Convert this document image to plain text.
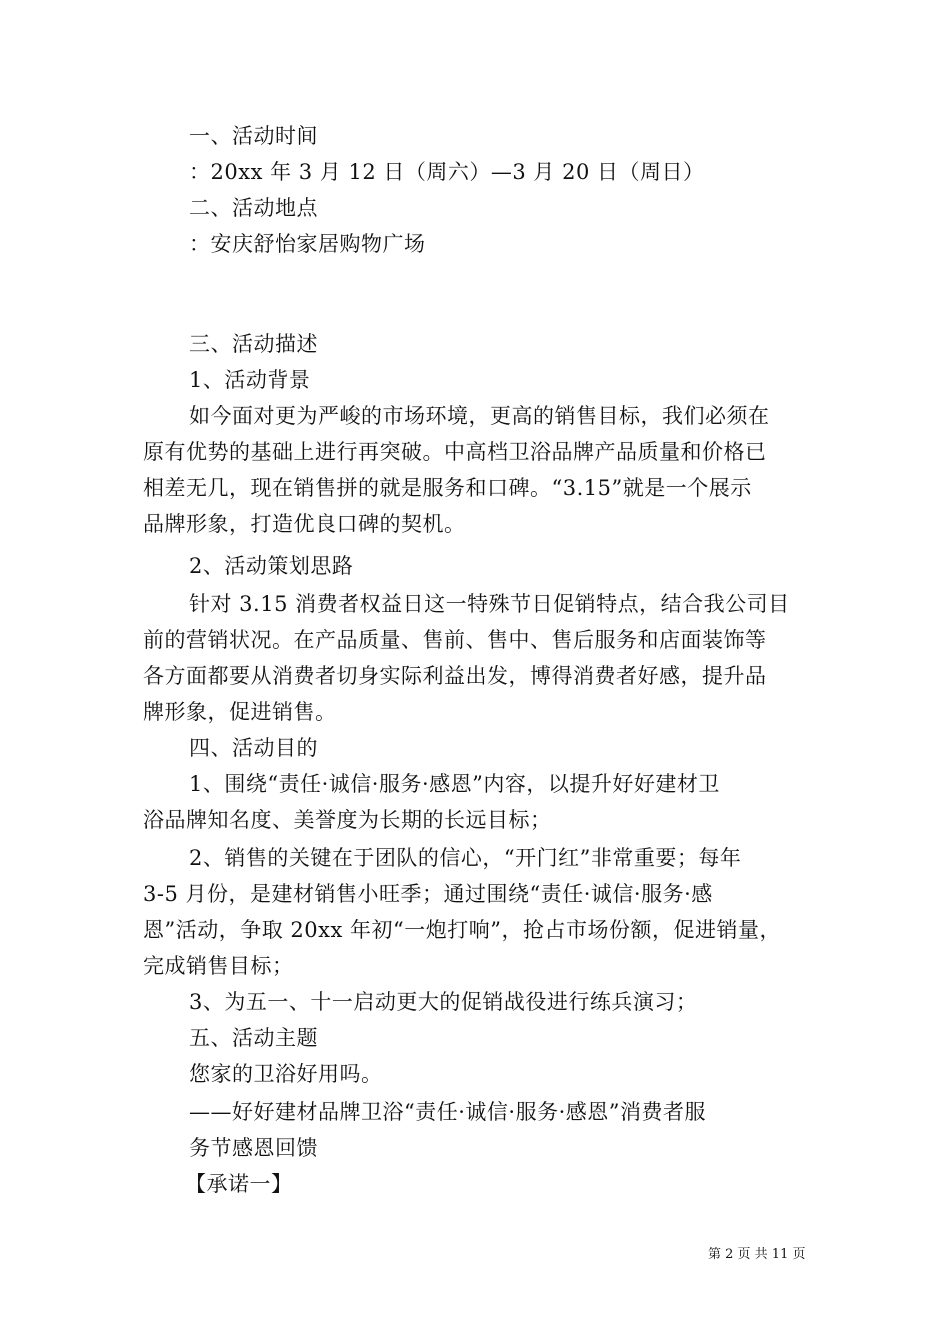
一、活动时间
：20xx 年 3 月 12 日（周六）—3 月 20 日（周日）
二、活动地点
：安庆舒怡家居购物广场
三、活动描述
1、活动背景
如今面对更为严峻的市场环境，更高的销售目标，我们必须在
原有优势的基础上进行再突破。中高档卫浴品牌产品质量和价格已
相差无几，现在销售拼的就是服务和口碑。“3.15”就是一个展示
品牌形象，打造优良口碑的契机。
2、活动策划思路
针对 3.15 消费者权益日这一特殊节日促销特点，结合我公司目
前的营销状况。在产品质量、售前、售中、售后服务和店面装饰等
各方面都要从消费者切身实际利益出发，博得消费者好感，提升品
牌形象，促进销售。
四、活动目的
1、围绕“责任·诚信·服务·感恩”内容，以提升好好建材卫
浴品牌知名度、美誉度为长期的长远目标；
2、销售的关键在于团队的信心，“开门红”非常重要；每年
3-5 月份，是建材销售小旺季；通过围绕“责任·诚信·服务·感
恩”活动，争取 20xx 年初“一炮打响”，抢占市场份额，促进销量，
完成销售目标；
3、为五一、十一启动更大的促销战役进行练兵演习；
五、活动主题
您家的卫浴好用吗。
——好好建材品牌卫浴“责任·诚信·服务·感恩”消费者服
务节感恩回馈
【承诺一】
第 2 页 共 11 页
